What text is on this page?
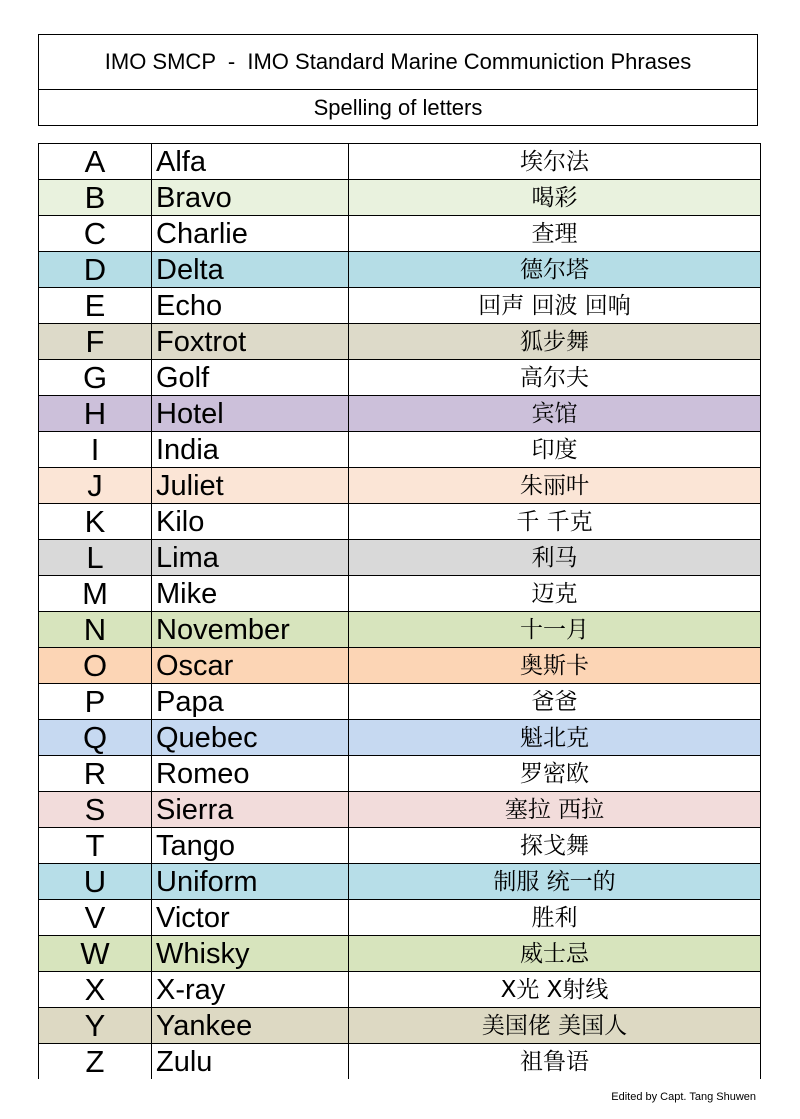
IMO SMCP  -  IMO Standard Marine Communiction Phrases
Spelling of letters
A	Alfa	埃尔法
B	Bravo	喝彩
C	Charlie	查理
D	Delta	德尔塔
E	Echo	回声 回波 回响
F	Foxtrot	狐步舞
G	Golf	高尔夫
H	Hotel	宾馆
I	India	印度
J	Juliet	朱丽叶
K	Kilo	千 千克
L	Lima	利马
M	Mike	迈克
N	November	十一月
O	Oscar	奥斯卡
P	Papa	爸爸
Q	Quebec	魁北克
R	Romeo	罗密欧
S	Sierra	塞拉 西拉
T	Tango	探戈舞
U	Uniform	制服 统一的
V	Victor	胜利
W	Whisky	威士忌
X	X-ray	X光 X射线
Y	Yankee	美国佬 美国人
Z	Zulu	祖鲁语
Edited by Capt. Tang Shuwen
